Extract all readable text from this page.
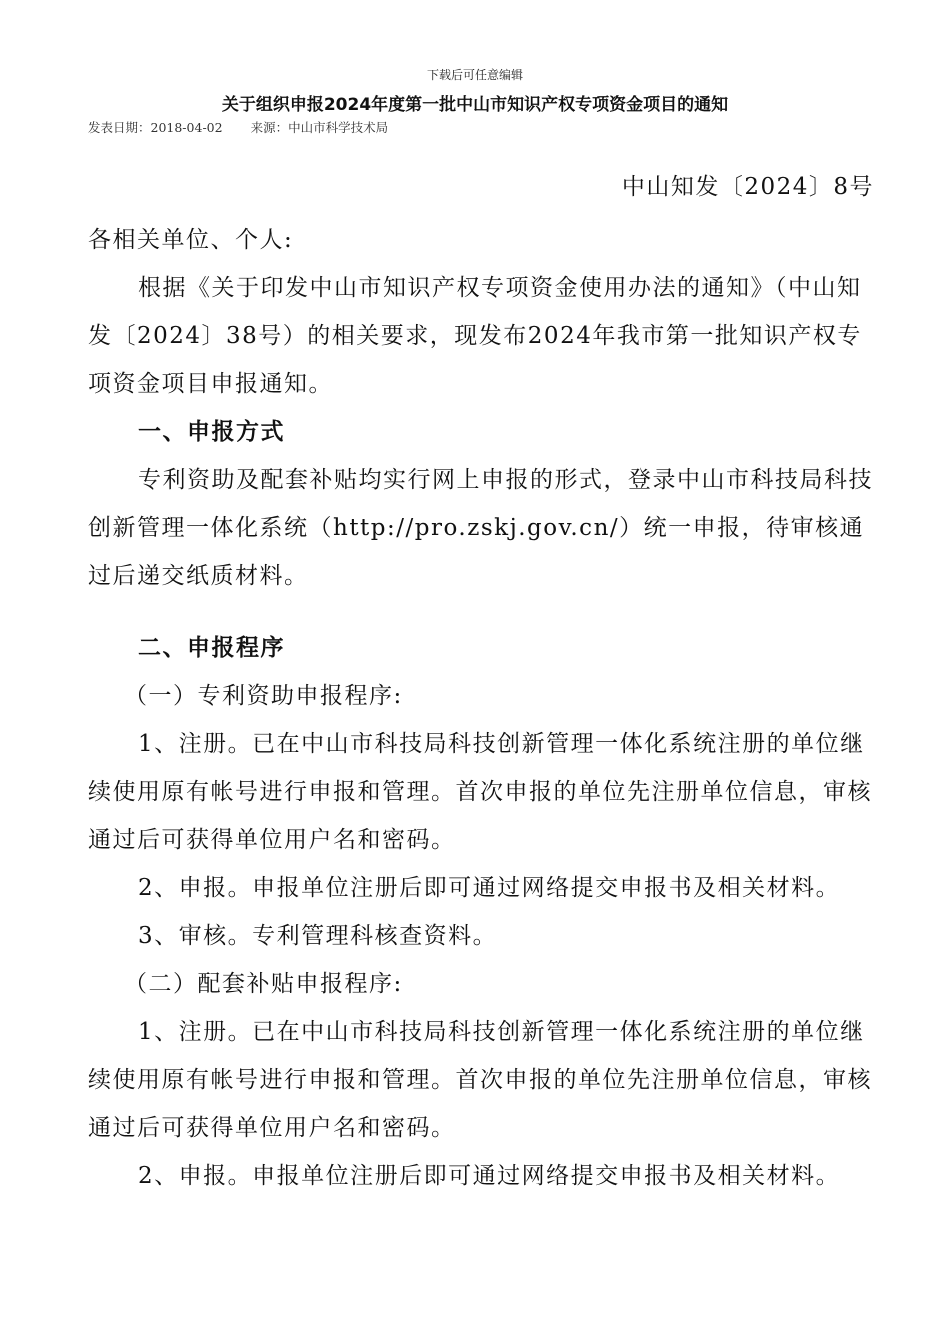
下载后可任意编辑
关于组织申报2024年度第一批中山市知识产权专项资金项目的通知
发表日期：2018-04-02 来源：中山市科学技术局
中山知发〔2024〕8号

各相关单位、个人:

根据《关于印发中山市知识产权专项资金使用办法的通知》（中山知发〔2024〕38号）的相关要求，现发布2024年我市第一批知识产权专项资金项目申报通知。

一、申报方式

专利资助及配套补贴均实行网上申报的形式，登录中山市科技局科技创新管理一体化系统（http://pro.zskj.gov.cn/）统一申报，待审核通过后递交纸质材料。

二、申报程序

（一）专利资助申报程序:

1、注册。已在中山市科技局科技创新管理一体化系统注册的单位继续使用原有帐号进行申报和管理。首次申报的单位先注册单位信息，审核通过后可获得单位用户名和密码。

2、申报。申报单位注册后即可通过网络提交申报书及相关材料。

3、审核。专利管理科核查资料。

（二）配套补贴申报程序:

1、注册。已在中山市科技局科技创新管理一体化系统注册的单位继续使用原有帐号进行申报和管理。首次申报的单位先注册单位信息，审核通过后可获得单位用户名和密码。

2、申报。申报单位注册后即可通过网络提交申报书及相关材料。
